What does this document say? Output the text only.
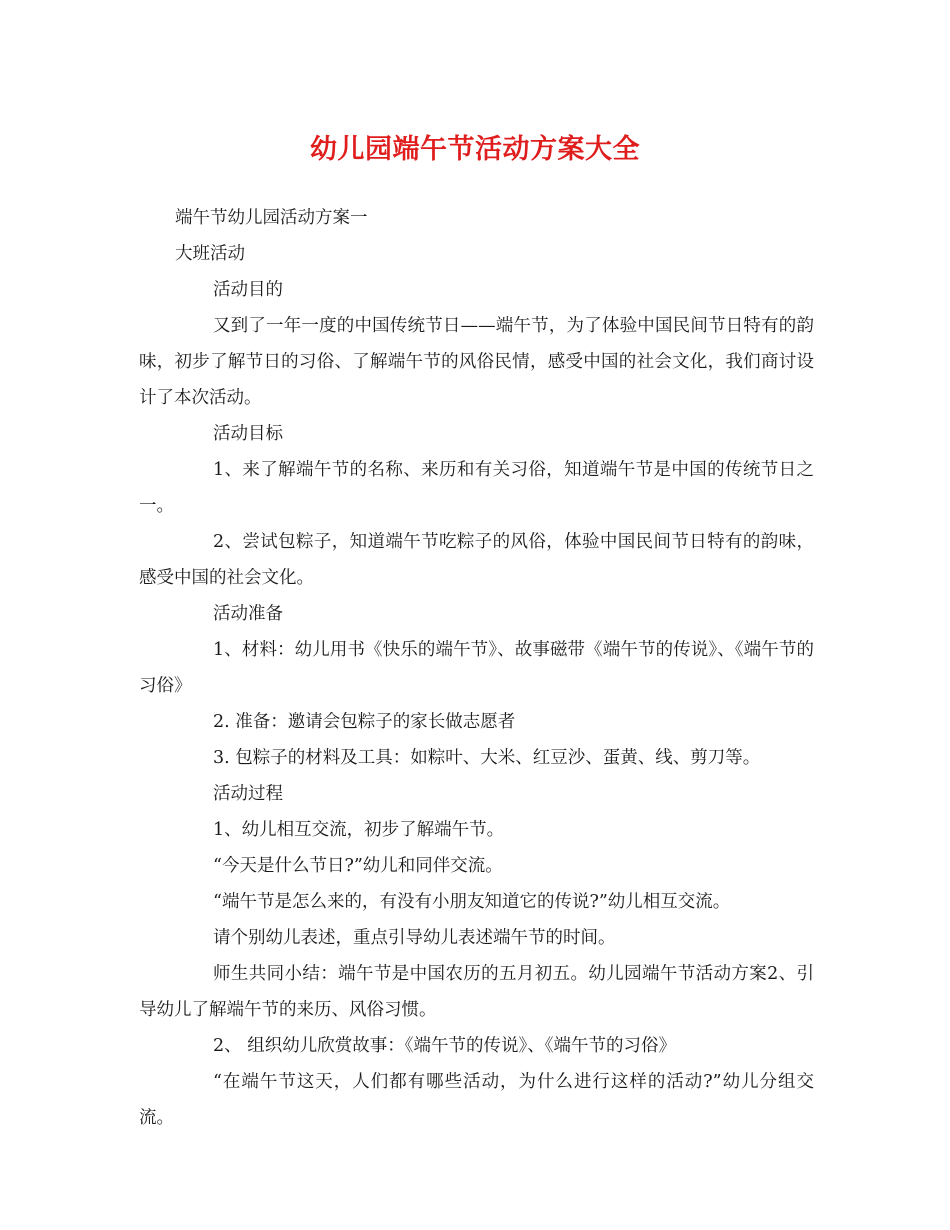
幼儿园端午节活动方案大全

端午节幼儿园活动方案一

大班活动

活动目的

又到了一年一度的中国传统节日——端午节，为了体验中国民间节日特有的韵味，初步了解节日的习俗、了解端午节的风俗民情，感受中国的社会文化，我们商讨设计了本次活动。

活动目标

1、来了解端午节的名称、来历和有关习俗，知道端午节是中国的传统节日之一。

2、尝试包粽子，知道端午节吃粽子的风俗，体验中国民间节日特有的韵味，感受中国的社会文化。

活动准备

1、材料：幼儿用书《快乐的端午节》、故事磁带《端午节的传说》、《端午节的习俗》

2. 准备：邀请会包粽子的家长做志愿者

3. 包粽子的材料及工具：如粽叶、大米、红豆沙、蛋黄、线、剪刀等。

活动过程

1、幼儿相互交流，初步了解端午节。

“今天是什么节日?”幼儿和同伴交流。

“端午节是怎么来的，有没有小朋友知道它的传说?”幼儿相互交流。

请个别幼儿表述，重点引导幼儿表述端午节的时间。

师生共同小结：端午节是中国农历的五月初五。幼儿园端午节活动方案2、引导幼儿了解端午节的来历、风俗习惯。

2、 组织幼儿欣赏故事：《端午节的传说》、《端午节的习俗》

“在端午节这天，人们都有哪些活动，为什么进行这样的活动?”幼儿分组交流。
